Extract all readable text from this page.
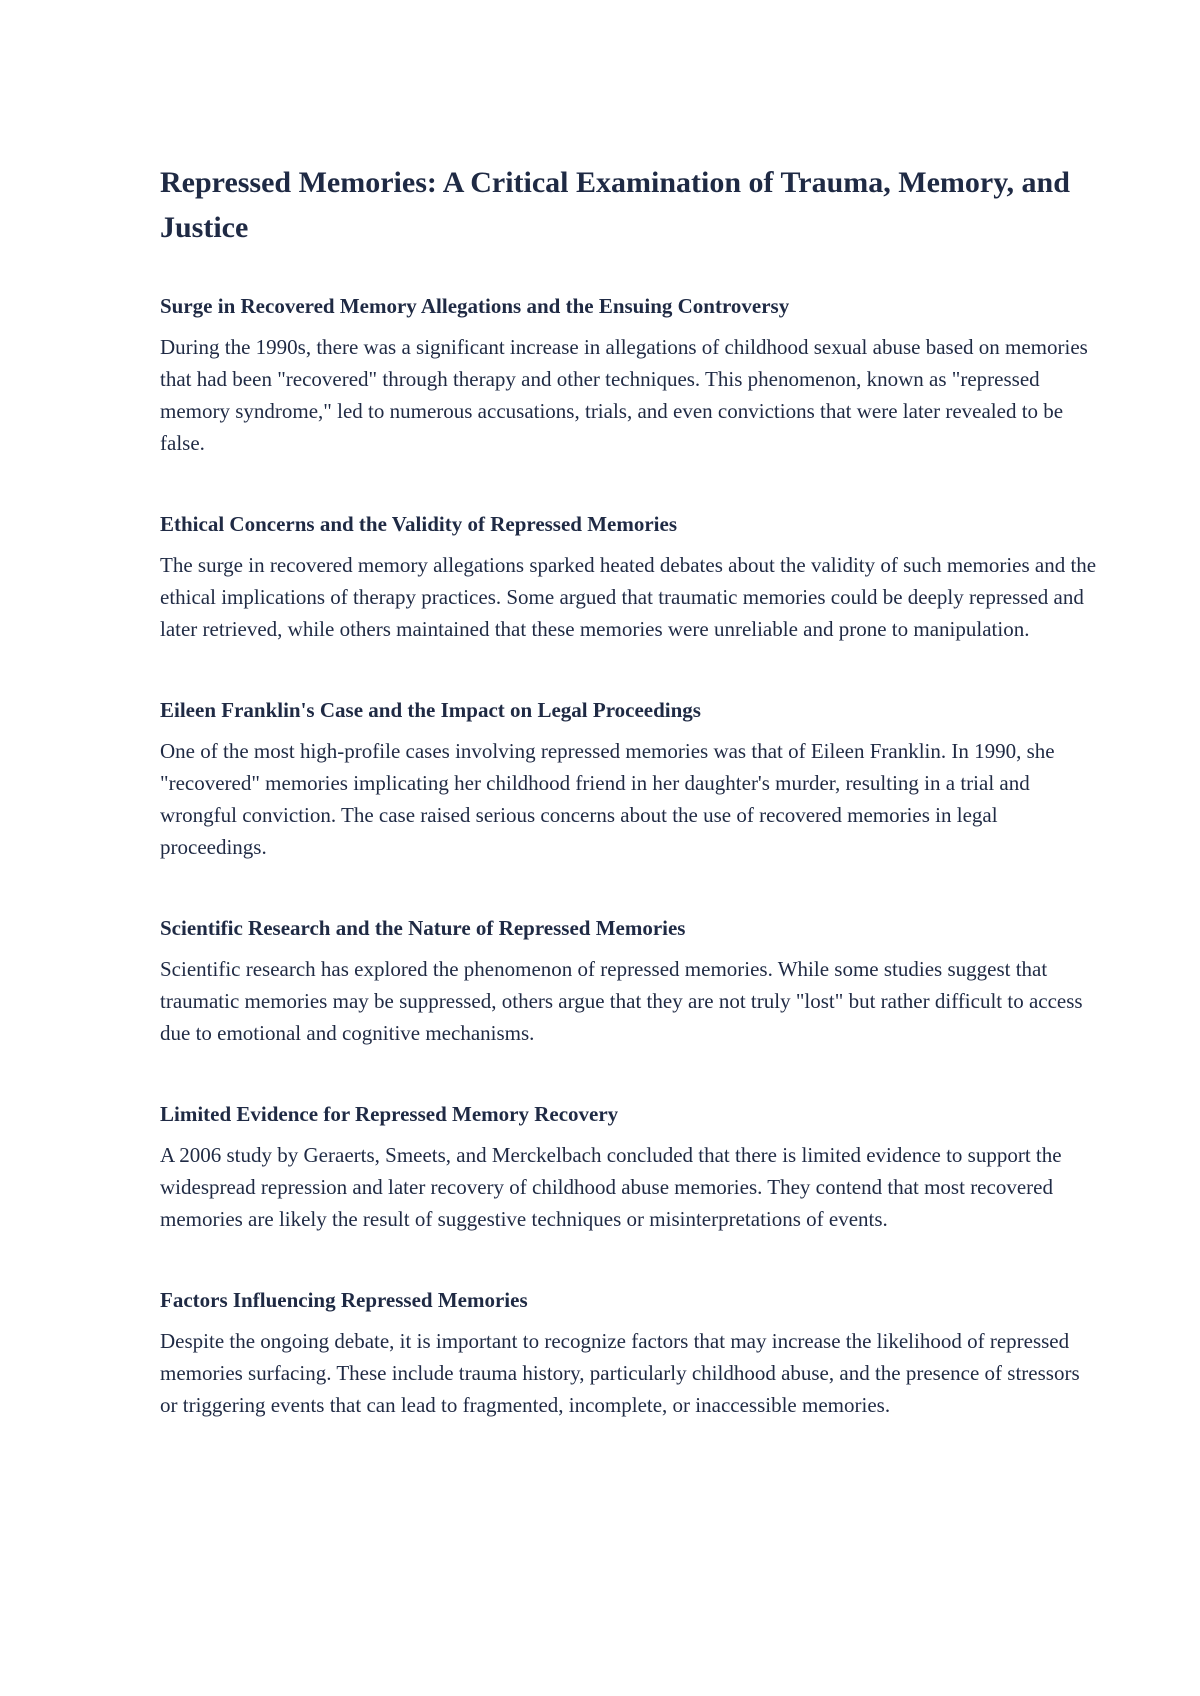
Repressed Memories: A Critical Examination of Trauma, Memory, and Justice
Surge in Recovered Memory Allegations and the Ensuing Controversy

During the 1990s, there was a significant increase in allegations of childhood sexual abuse based on memories that had been "recovered" through therapy and other techniques. This phenomenon, known as "repressed memory syndrome," led to numerous accusations, trials, and even convictions that were later revealed to be false.

Ethical Concerns and the Validity of Repressed Memories

The surge in recovered memory allegations sparked heated debates about the validity of such memories and the ethical implications of therapy practices. Some argued that traumatic memories could be deeply repressed and later retrieved, while others maintained that these memories were unreliable and prone to manipulation.

Eileen Franklin's Case and the Impact on Legal Proceedings

One of the most high-profile cases involving repressed memories was that of Eileen Franklin. In 1990, she "recovered" memories implicating her childhood friend in her daughter's murder, resulting in a trial and wrongful conviction. The case raised serious concerns about the use of recovered memories in legal proceedings.

Scientific Research and the Nature of Repressed Memories

Scientific research has explored the phenomenon of repressed memories. While some studies suggest that traumatic memories may be suppressed, others argue that they are not truly "lost" but rather difficult to access due to emotional and cognitive mechanisms.

Limited Evidence for Repressed Memory Recovery

A 2006 study by Geraerts, Smeets, and Merckelbach concluded that there is limited evidence to support the widespread repression and later recovery of childhood abuse memories. They contend that most recovered memories are likely the result of suggestive techniques or misinterpretations of events.

Factors Influencing Repressed Memories

Despite the ongoing debate, it is important to recognize factors that may increase the likelihood of repressed memories surfacing. These include trauma history, particularly childhood abuse, and the presence of stressors or triggering events that can lead to fragmented, incomplete, or inaccessible memories.
